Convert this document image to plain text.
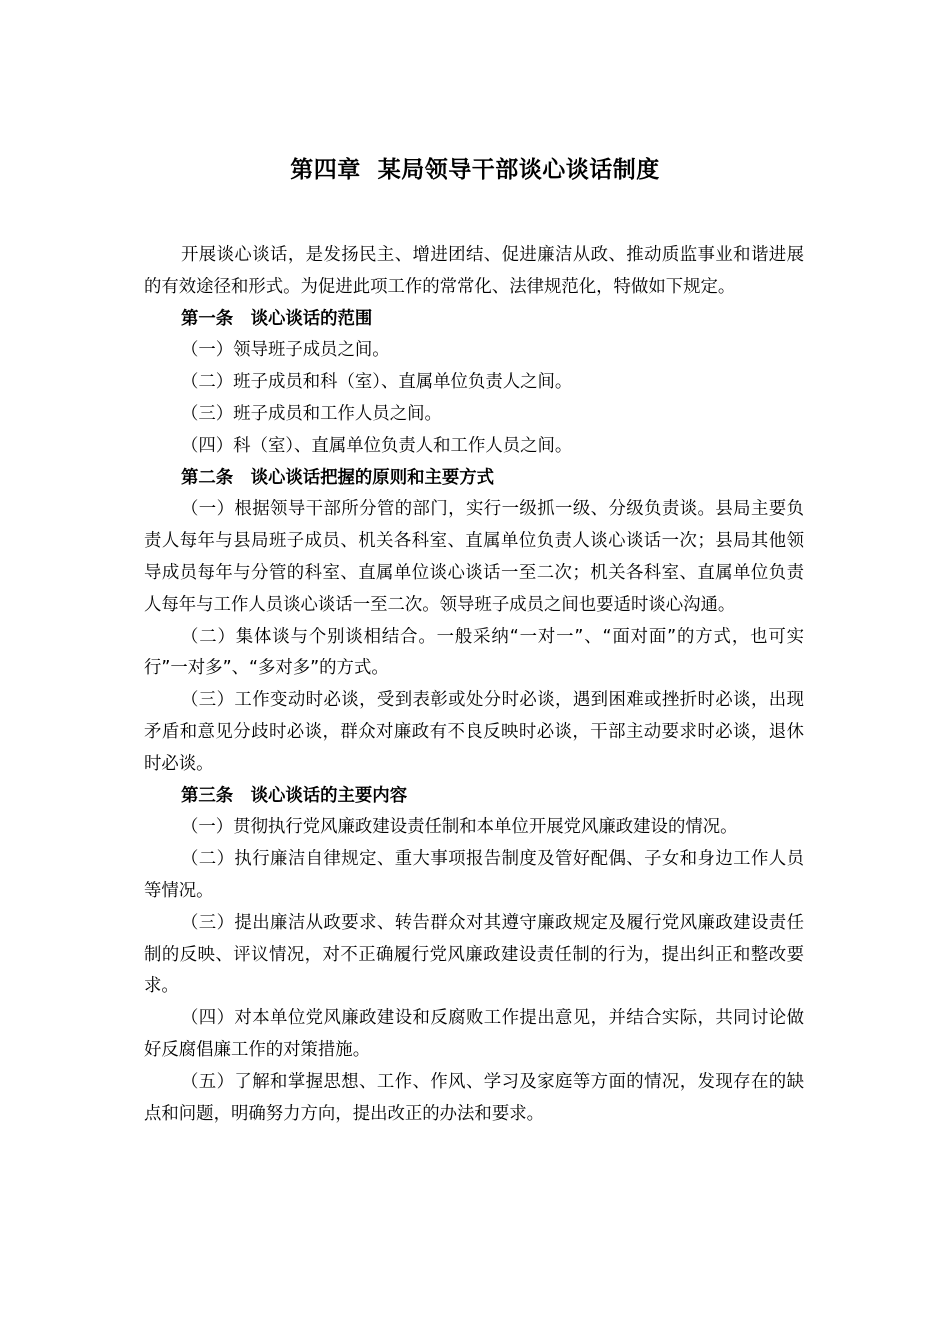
第四章  某局领导干部谈心谈话制度

开展谈心谈话，是发扬民主、增进团结、促进廉洁从政、推动质监事业和谐进展的有效途径和形式。为促进此项工作的常常化、法律规范化，特做如下规定。

第一条　谈心谈话的范围

（一）领导班子成员之间。

（二）班子成员和科（室）、直属单位负责人之间。

（三）班子成员和工作人员之间。

（四）科（室）、直属单位负责人和工作人员之间。

第二条　谈心谈话把握的原则和主要方式

（一）根据领导干部所分管的部门，实行一级抓一级、分级负责谈。县局主要负责人每年与县局班子成员、机关各科室、直属单位负责人谈心谈话一次；县局其他领导成员每年与分管的科室、直属单位谈心谈话一至二次；机关各科室、直属单位负责人每年与工作人员谈心谈话一至二次。领导班子成员之间也要适时谈心沟通。

（二）集体谈与个别谈相结合。一般采纳“一对一”、“面对面”的方式，也可实行”一对多”、“多对多”的方式。

（三）工作变动时必谈，受到表彰或处分时必谈，遇到困难或挫折时必谈，出现矛盾和意见分歧时必谈，群众对廉政有不良反映时必谈，干部主动要求时必谈，退休时必谈。

第三条　谈心谈话的主要内容

（一）贯彻执行党风廉政建设责任制和本单位开展党风廉政建设的情况。

（二）执行廉洁自律规定、重大事项报告制度及管好配偶、子女和身边工作人员等情况。

（三）提出廉洁从政要求、转告群众对其遵守廉政规定及履行党风廉政建设责任制的反映、评议情况，对不正确履行党风廉政建设责任制的行为，提出纠正和整改要求。

（四）对本单位党风廉政建设和反腐败工作提出意见，并结合实际，共同讨论做好反腐倡廉工作的对策措施。

（五）了解和掌握思想、工作、作风、学习及家庭等方面的情况，发现存在的缺点和问题，明确努力方向，提出改正的办法和要求。
